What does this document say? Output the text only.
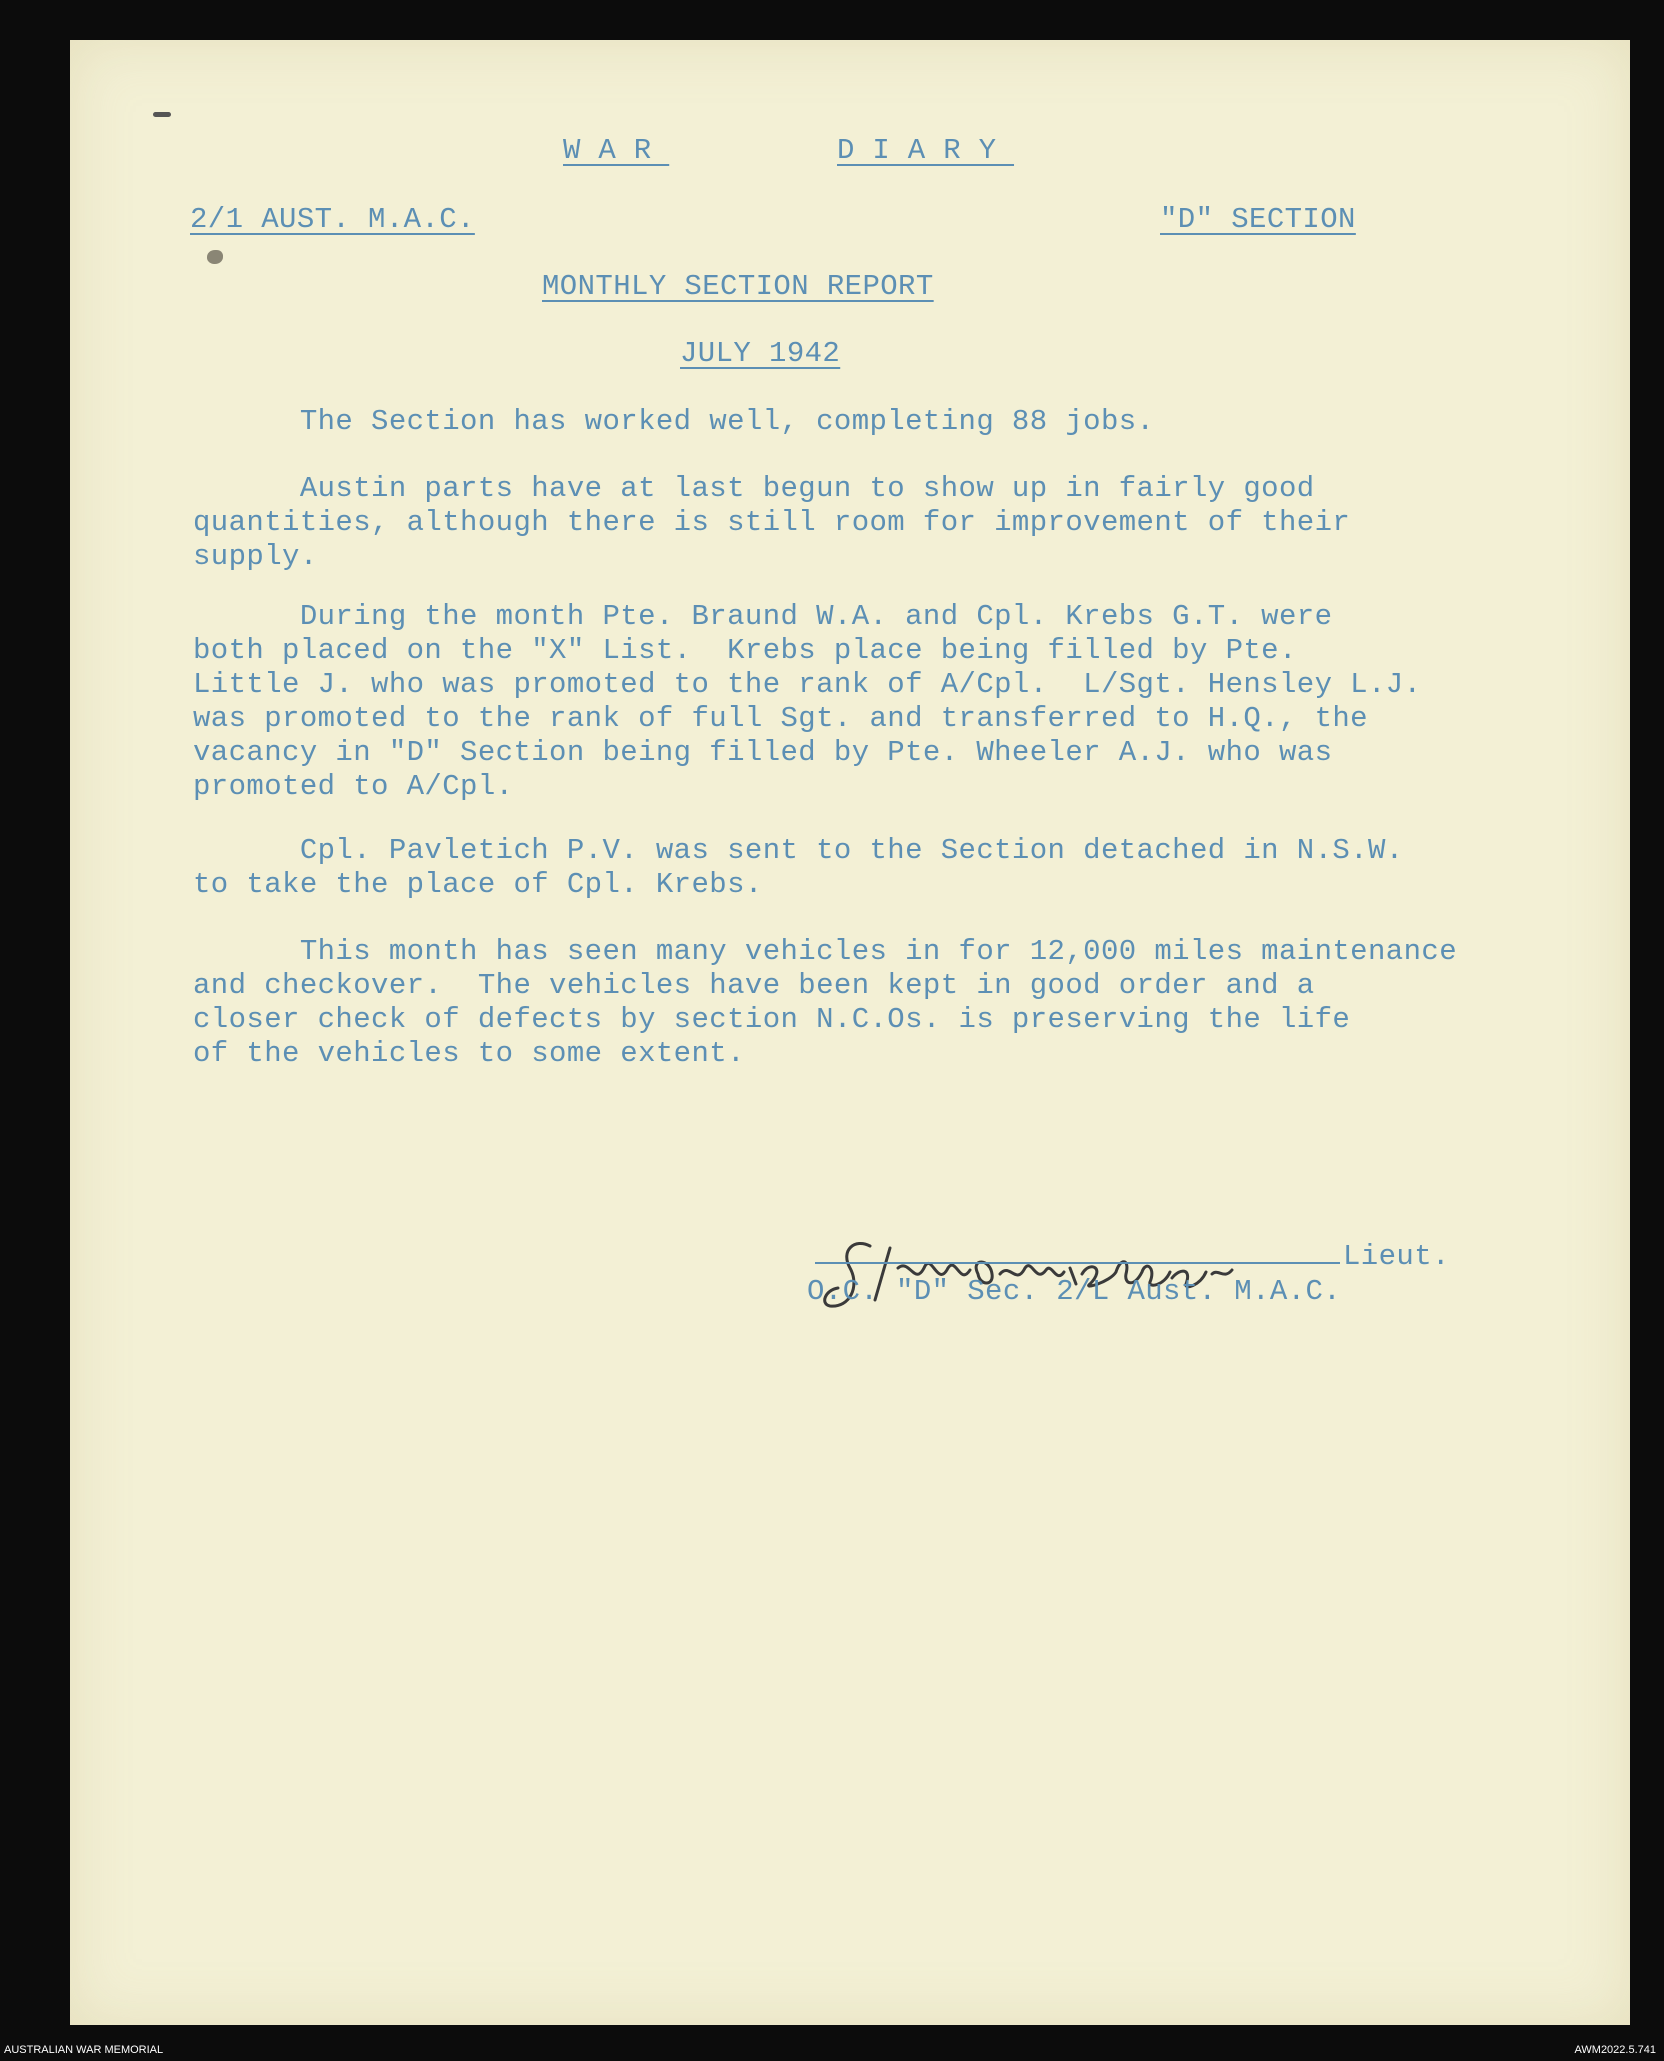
WAR	DIARY
2/1 AUST. M.A.C.	"D" SECTION
MONTHLY SECTION REPORT
JULY 1942
The Section has worked well, completing 88 jobs.
Austin parts have at last begun to show up in fairly good
quantities, although there is still room for improvement of their
supply.
During the month Pte. Braund W.A. and Cpl. Krebs G.T. were
both placed on the "X" List.  Krebs place being filled by Pte.
Little J. who was promoted to the rank of A/Cpl.  L/Sgt. Hensley L.J.
was promoted to the rank of full Sgt. and transferred to H.Q., the
vacancy in "D" Section being filled by Pte. Wheeler A.J. who was
promoted to A/Cpl.
Cpl. Pavletich P.V. was sent to the Section detached in N.S.W.
to take the place of Cpl. Krebs.
This month has seen many vehicles in for 12,000 miles maintenance
and checkover.  The vehicles have been kept in good order and a
closer check of defects by section N.C.Os. is preserving the life
of the vehicles to some extent.
Lieut.
O.C. "D" Sec. 2/L Aust. M.A.C.
AUSTRALIAN WAR MEMORIAL	AWM2022.5.741
